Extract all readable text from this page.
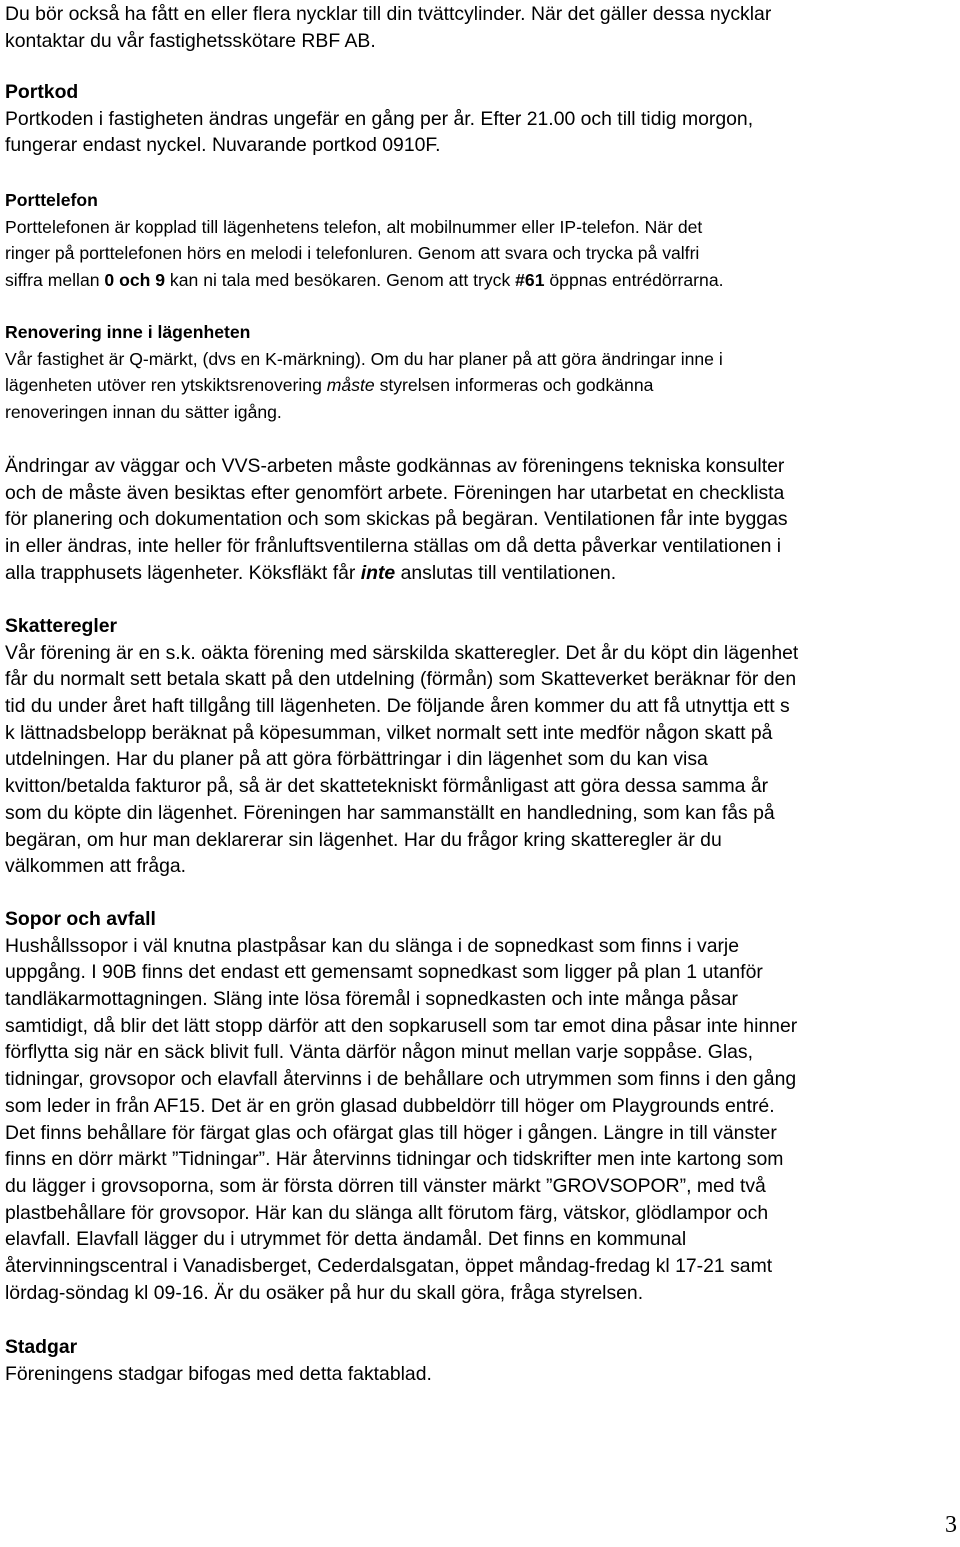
Du bör också ha fått en eller flera nycklar till din tvättcylinder. När det gäller dessa nycklar
kontaktar du vår fastighetsskötare RBF AB.
Portkod
Portkoden i fastigheten ändras ungefär en gång per år. Efter 21.00 och till tidig morgon,
fungerar endast nyckel. Nuvarande portkod 0910F.
Porttelefon
Porttelefonen är kopplad till lägenhetens telefon, alt mobilnummer eller IP-telefon. När det
ringer på porttelefonen hörs en melodi i telefonluren. Genom att svara och trycka på valfri
siffra mellan 0 och 9 kan ni tala med besökaren. Genom att tryck #61 öppnas entrédörrarna.
Renovering inne i lägenheten
Vår fastighet är Q-märkt, (dvs en K-märkning). Om du har planer på att göra ändringar inne i
lägenheten utöver ren ytskiktsrenovering måste styrelsen informeras och godkänna
renoveringen innan du sätter igång.
Ändringar av väggar och VVS-arbeten måste godkännas av föreningens tekniska konsulter
och de måste även besiktas efter genomfört arbete. Föreningen har utarbetat en checklista
för planering och dokumentation och som skickas på begäran. Ventilationen får inte byggas
in eller ändras, inte heller för frånluftsventilerna ställas om då detta påverkar ventilationen i
alla trapphusets lägenheter. Köksfläkt får inte anslutas till ventilationen.
Skatteregler
Vår förening är en s.k. oäkta förening med särskilda skatteregler. Det år du köpt din lägenhet
får du normalt sett betala skatt på den utdelning (förmån) som Skatteverket beräknar för den
tid du under året haft tillgång till lägenheten. De följande åren kommer du att få utnyttja ett s
k lättnadsbelopp beräknat på köpesumman, vilket normalt sett inte medför någon skatt på
utdelningen. Har du planer på att göra förbättringar i din lägenhet som du kan visa
kvitton/betalda fakturor på, så är det skattetekniskt förmånligast att göra dessa samma år
som du köpte din lägenhet. Föreningen har sammanställt en handledning, som kan fås på
begäran, om hur man deklarerar sin lägenhet. Har du frågor kring skatteregler är du
välkommen att fråga.
Sopor och avfall
Hushållssopor i väl knutna plastpåsar kan du slänga i de sopnedkast som finns i varje
uppgång. I 90B finns det endast ett gemensamt sopnedkast som ligger på plan 1 utanför
tandläkarmottagningen. Släng inte lösa föremål i sopnedkasten och inte många påsar
samtidigt, då blir det lätt stopp därför att den sopkarusell som tar emot dina påsar inte hinner
förflytta sig när en säck blivit full. Vänta därför någon minut mellan varje soppåse. Glas,
tidningar, grovsopor och elavfall återvinns i de behållare och utrymmen som finns i den gång
som leder in från AF15. Det är en grön glasad dubbeldörr till höger om Playgrounds entré.
Det finns behållare för färgat glas och ofärgat glas till höger i gången. Längre in till vänster
finns en dörr märkt ”Tidningar”. Här återvinns tidningar och tidskrifter men inte kartong som
du lägger i grovsoporna, som är första dörren till vänster märkt ”GROVSOPOR”, med två
plastbehållare för grovsopor. Här kan du slänga allt förutom färg, vätskor, glödlampor och
elavfall. Elavfall lägger du i utrymmet för detta ändamål. Det finns en kommunal
återvinningscentral i Vanadisberget, Cederdalsgatan, öppet måndag-fredag kl 17-21 samt
lördag-söndag kl 09-16. Är du osäker på hur du skall göra, fråga styrelsen.
Stadgar
Föreningens stadgar bifogas med detta faktablad.
3
